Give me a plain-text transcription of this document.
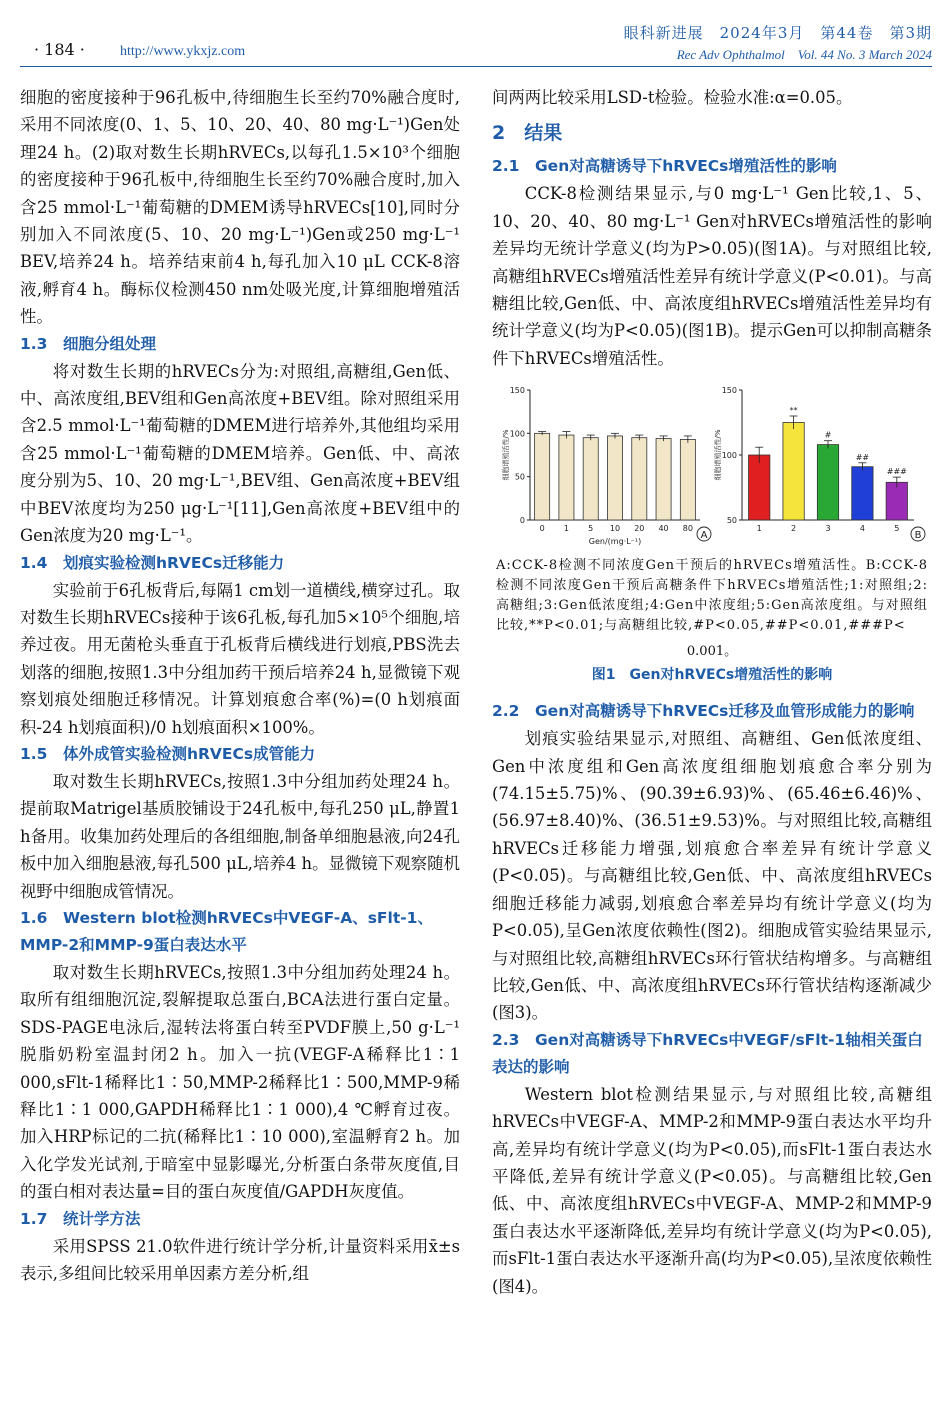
· 184 ·	http://www.ykxjz.com
眼科新进展　2024年3月　第44卷　第3期
Rec Adv Ophthalmol　Vol. 44 No. 3 March 2024

细胞的密度接种于96孔板中,待细胞生长至约70%融合度时,采用不同浓度(0、1、5、10、20、40、80 mg·L⁻¹)Gen处理24 h。(2)取对数生长期hRVECs,以每孔1.5×10³个细胞的密度接种于96孔板中,待细胞生长至约70%融合度时,加入含25 mmol·L⁻¹葡萄糖的DMEM诱导hRVECs[10],同时分别加入不同浓度(5、10、20 mg·L⁻¹)Gen或250 mg·L⁻¹ BEV,培养24 h。培养结束前4 h,每孔加入10 μL CCK-8溶液,孵育4 h。酶标仪检测450 nm处吸光度,计算细胞增殖活性。

1.3　细胞分组处理

将对数生长期的hRVECs分为:对照组,高糖组,Gen低、中、高浓度组,BEV组和Gen高浓度+BEV组。除对照组采用含2.5 mmol·L⁻¹葡萄糖的DMEM进行培养外,其他组均采用含25 mmol·L⁻¹葡萄糖的DMEM培养。Gen低、中、高浓度分别为5、10、20 mg·L⁻¹,BEV组、Gen高浓度+BEV组中BEV浓度均为250 μg·L⁻¹[11],Gen高浓度+BEV组中的Gen浓度为20 mg·L⁻¹。

1.4　划痕实验检测hRVECs迁移能力

实验前于6孔板背后,每隔1 cm划一道横线,横穿过孔。取对数生长期hRVECs接种于该6孔板,每孔加5×10⁵个细胞,培养过夜。用无菌枪头垂直于孔板背后横线进行划痕,PBS洗去划落的细胞,按照1.3中分组加药干预后培养24 h,显微镜下观察划痕处细胞迁移情况。计算划痕愈合率(%)=(0 h划痕面积-24 h划痕面积)/0 h划痕面积×100%。

1.5　体外成管实验检测hRVECs成管能力

取对数生长期hRVECs,按照1.3中分组加药处理24 h。提前取Matrigel基质胶铺设于24孔板中,每孔250 μL,静置1 h备用。收集加药处理后的各组细胞,制备单细胞悬液,向24孔板中加入细胞悬液,每孔500 μL,培养4 h。显微镜下观察随机视野中细胞成管情况。

1.6　Western blot检测hRVECs中VEGF-A、sFlt-1、MMP-2和MMP-9蛋白表达水平

取对数生长期hRVECs,按照1.3中分组加药处理24 h。取所有组细胞沉淀,裂解提取总蛋白,BCA法进行蛋白定量。SDS-PAGE电泳后,湿转法将蛋白转至PVDF膜上,50 g·L⁻¹脱脂奶粉室温封闭2 h。加入一抗(VEGF-A稀释比1∶1 000,sFlt-1稀释比1∶50,MMP-2稀释比1∶500,MMP-9稀释比1∶1 000,GAPDH稀释比1∶1 000),4 ℃孵育过夜。加入HRP标记的二抗(稀释比1∶10 000),室温孵育2 h。加入化学发光试剂,于暗室中显影曝光,分析蛋白条带灰度值,目的蛋白相对表达量=目的蛋白灰度值/GAPDH灰度值。

1.7　统计学方法

采用SPSS 21.0软件进行统计学分析,计量资料采用x̄±s表示,多组间比较采用单因素方差分析,组

间两两比较采用LSD-t检验。检验水准:α=0.05。

2　结果
2.1　Gen对高糖诱导下hRVECs增殖活性的影响

CCK-8检测结果显示,与0 mg·L⁻¹ Gen比较,1、5、10、20、40、80 mg·L⁻¹ Gen对hRVECs增殖活性的影响差异均无统计学意义(均为P>0.05)(图1A)。与对照组比较,高糖组hRVECs增殖活性差异有统计学意义(P<0.01)。与高糖组比较,Gen低、中、高浓度组hRVECs增殖活性差异均有统计学意义(均为P<0.05)(图1B)。提示Gen可以抑制高糖条件下hRVECs增殖活性。

0
50
100
150
细胞增殖活性/%
0 1 5 10 20 40 80
Gen/(mg·L⁻¹)
A
50
100
150
细胞增殖活性/%
1	2
**
3
#
4
##
5
###
B
A:CCK-8检测不同浓度Gen干预后的hRVECs增殖活性。B:CCK-8检测不同浓度Gen干预后高糖条件下hRVECs增殖活性;1:对照组;2:高糖组;3:Gen低浓度组;4:Gen中浓度组;5:Gen高浓度组。与对照组比较,**P<0.01;与高糖组比较,#P<0.05,##P<0.01,###P<
0.001。
图1　Gen对hRVECs增殖活性的影响
2.2　Gen对高糖诱导下hRVECs迁移及血管形成能力的影响

划痕实验结果显示,对照组、高糖组、Gen低浓度组、Gen中浓度组和Gen高浓度组细胞划痕愈合率分别为(74.15±5.75)%、(90.39±6.93)%、(65.46±6.46)%、(56.97±8.40)%、(36.51±9.53)%。与对照组比较,高糖组hRVECs迁移能力增强,划痕愈合率差异有统计学意义(P<0.05)。与高糖组比较,Gen低、中、高浓度组hRVECs细胞迁移能力减弱,划痕愈合率差异均有统计学意义(均为P<0.05),呈Gen浓度依赖性(图2)。细胞成管实验结果显示,与对照组比较,高糖组hRVECs环行管状结构增多。与高糖组比较,Gen低、中、高浓度组hRVECs环行管状结构逐渐减少(图3)。

2.3　Gen对高糖诱导下hRVECs中VEGF/sFlt-1轴相关蛋白表达的影响

Western blot检测结果显示,与对照组比较,高糖组hRVECs中VEGF-A、MMP-2和MMP-9蛋白表达水平均升高,差异均有统计学意义(均为P<0.05),而sFlt-1蛋白表达水平降低,差异有统计学意义(P<0.05)。与高糖组比较,Gen低、中、高浓度组hRVECs中VEGF-A、MMP-2和MMP-9蛋白表达水平逐渐降低,差异均有统计学意义(均为P<0.05),而sFlt-1蛋白表达水平逐渐升高(均为P<0.05),呈浓度依赖性(图4)。
